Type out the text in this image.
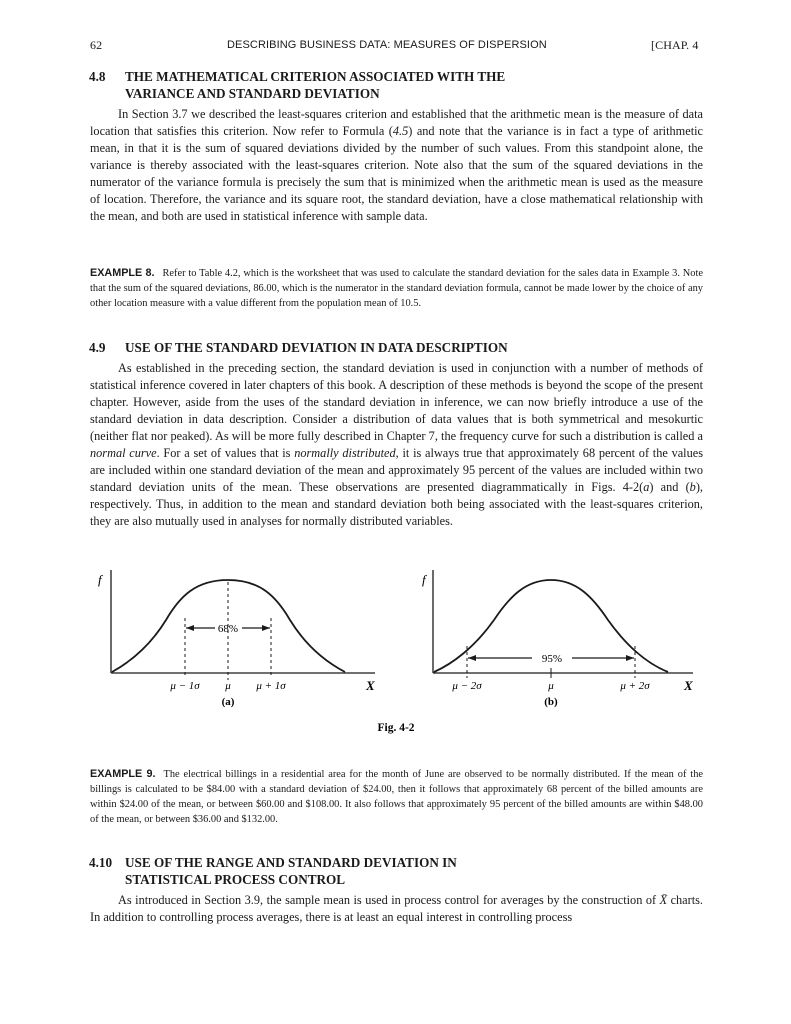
62	DESCRIBING BUSINESS DATA: MEASURES OF DISPERSION	[CHAP. 4
4.8 THE MATHEMATICAL CRITERION ASSOCIATED WITH THE
VARIANCE AND STANDARD DEVIATION

In Section 3.7 we described the least-squares criterion and established that the arithmetic mean is the measure of data location that satisfies this criterion. Now refer to Formula (4.5) and note that the variance is in fact a type of arithmetic mean, in that it is the sum of squared deviations divided by the number of such values. From this standpoint alone, the variance is thereby associated with the least-squares criterion. Note also that the sum of the squared deviations in the numerator of the variance formula is precisely the sum that is minimized when the arithmetic mean is used as the measure of location. Therefore, the variance and its square root, the standard deviation, have a close mathematical relationship with the mean, and both are used in statistical inference with sample data.

EXAMPLE 8. Refer to Table 4.2, which is the worksheet that was used to calculate the standard deviation for the sales data in Example 3. Note that the sum of the squared deviations, 86.00, which is the numerator in the standard deviation formula, cannot be made lower by the choice of any other location measure with a value different from the population mean of 10.5.

4.9 USE OF THE STANDARD DEVIATION IN DATA DESCRIPTION

As established in the preceding section, the standard deviation is used in conjunction with a number of methods of statistical inference covered in later chapters of this book. A description of these methods is beyond the scope of the present chapter. However, aside from the uses of the standard deviation in inference, we can now briefly introduce a use of the standard deviation in data description. Consider a distribution of data values that is both symmetrical and mesokurtic (neither flat nor peaked). As will be more fully described in Chapter 7, the frequency curve for such a distribution is called a normal curve. For a set of values that is normally distributed, it is always true that approximately 68 percent of the values are included within one standard deviation of the mean and approximately 95 percent of the values are included within two standard deviation units of the mean. These observations are presented diagrammatically in Figs. 4-2(a) and (b), respectively. Thus, in addition to the mean and standard deviation both being associated with the least-squares criterion, they are also mutually used in analyses for normally distributed variables.

f
68%
μ − 1σ μ μ + 1σ	X
(a)
f
95%
μ − 2σ	μ	μ + 2σ	X
(b)
Fig. 4-2

EXAMPLE 9. The electrical billings in a residential area for the month of June are observed to be normally distributed. If the mean of the billings is calculated to be $84.00 with a standard deviation of $24.00, then it follows that approximately 68 percent of the billed amounts are within $24.00 of the mean, or between $60.00 and $108.00. It also follows that approximately 95 percent of the billed amounts are within $48.00 of the mean, or between $36.00 and $132.00.

4.10 USE OF THE RANGE AND STANDARD DEVIATION IN
STATISTICAL PROCESS CONTROL

As introduced in Section 3.9, the sample mean is used in process control for averages by the construction of X̄ charts. In addition to controlling process averages, there is at least an equal interest in controlling process
